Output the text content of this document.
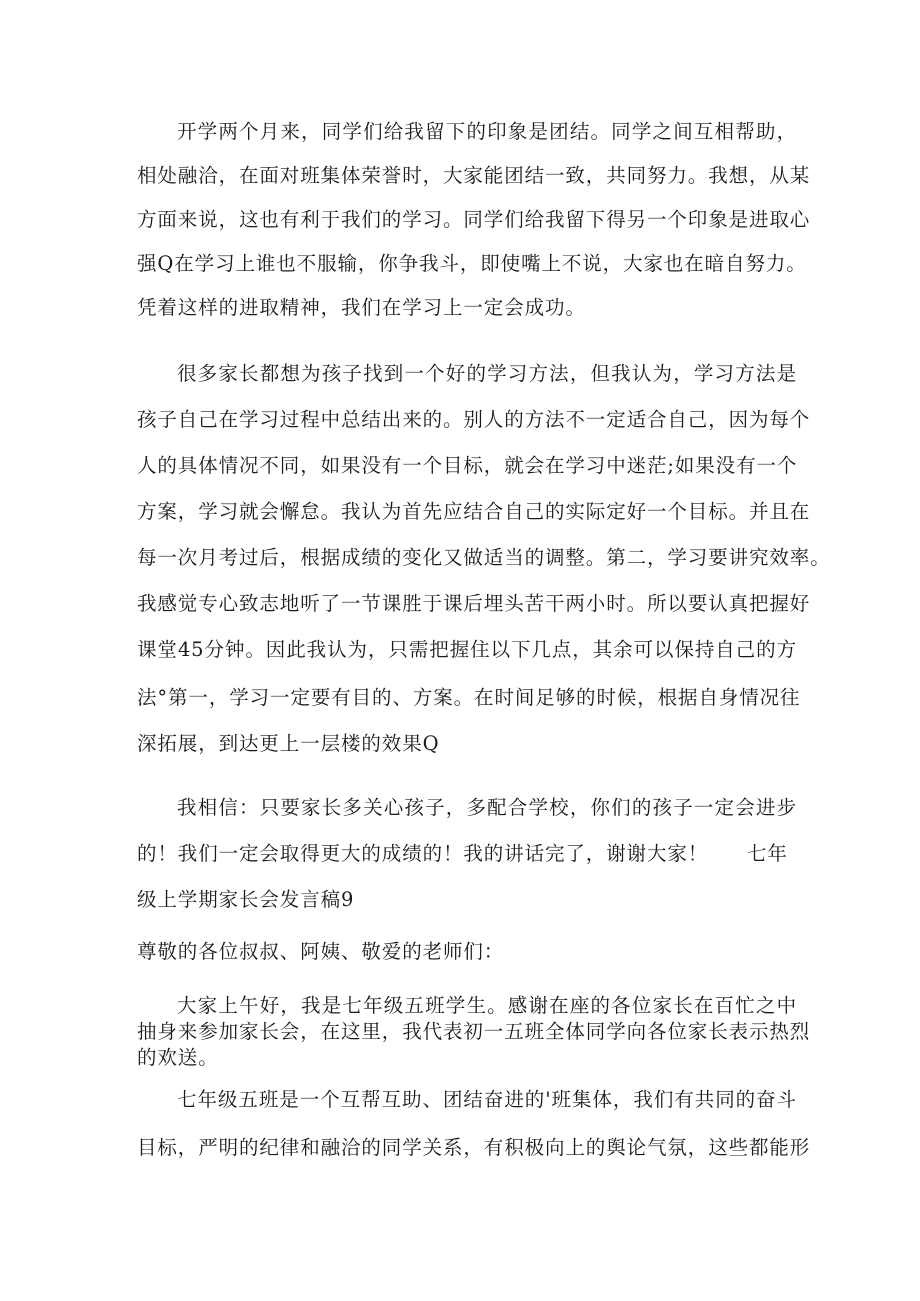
开学两个月来，同学们给我留下的印象是团结。同学之间互相帮助，
相处融洽，在面对班集体荣誉时，大家能团结一致，共同努力。我想，从某
方面来说，这也有利于我们的学习。同学们给我留下得另一个印象是进取心
强Q在学习上谁也不服输，你争我斗，即使嘴上不说，大家也在暗自努力。
凭着这样的进取精神，我们在学习上一定会成功。
很多家长都想为孩子找到一个好的学习方法，但我认为，学习方法是
孩子自己在学习过程中总结出来的。别人的方法不一定适合自己，因为每个
人的具体情况不同，如果没有一个目标，就会在学习中迷茫;如果没有一个
方案，学习就会懈怠。我认为首先应结合自己的实际定好一个目标。并且在
每一次月考过后，根据成绩的变化又做适当的调整。第二，学习要讲究效率。
我感觉专心致志地听了一节课胜于课后埋头苦干两小时。所以要认真把握好
课堂45分钟。因此我认为，只需把握住以下几点，其余可以保持自己的方
法°第一，学习一定要有目的、方案。在时间足够的时候，根据自身情况往
深拓展，到达更上一层楼的效果Q
我相信：只要家长多关心孩子，多配合学校，你们的孩子一定会进步
的！我们一定会取得更大的成绩的！我的讲话完了，谢谢大家！	七年
级上学期家长会发言稿9
尊敬的各位叔叔、阿姨、敬爱的老师们：
大家上午好，我是七年级五班学生。感谢在座的各位家长在百忙之中
抽身来参加家长会，在这里，我代表初一五班全体同学向各位家长表示热烈
的欢送。
七年级五班是一个互帮互助、团结奋进的'班集体，我们有共同的奋斗
目标，严明的纪律和融洽的同学关系，有积极向上的舆论气氛，这些都能形
